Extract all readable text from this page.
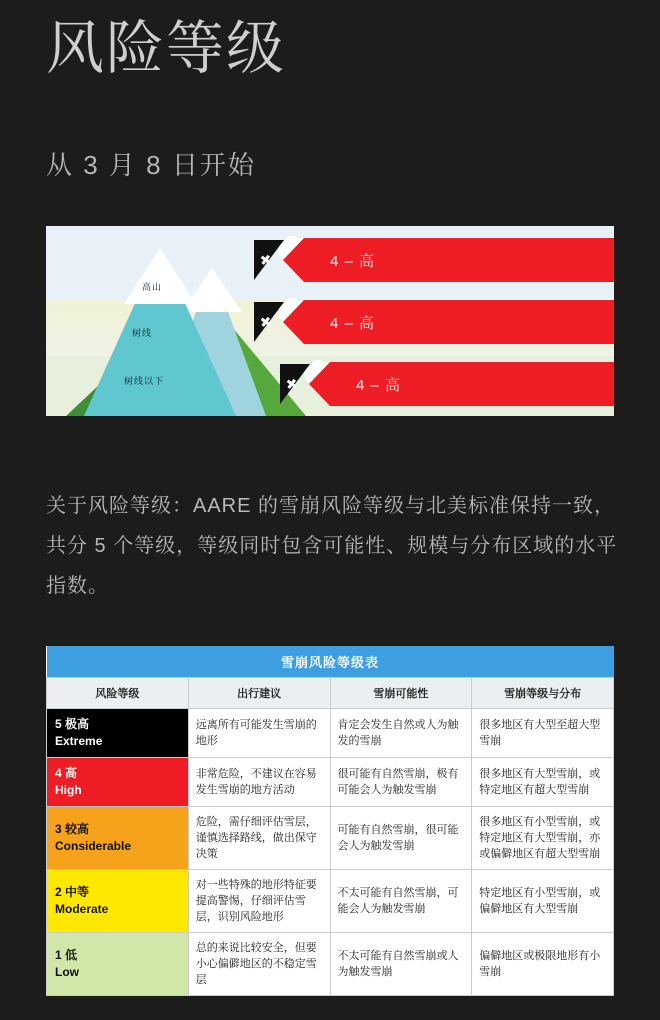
风险等级
从 3 月 8 日开始
高山
树线
树线以下
✖	4 – 高
✖	4 – 高
✖	4 – 高
关于风险等级：AARE 的雪崩风险等级与北美标准保持一致，共分 5 个等级，等级同时包含可能性、规模与分布区域的水平指数。
雪崩风险等级表			
风险等级	出行建议	雪崩可能性	雪崩等级与分布
5 极高
Extreme	远离所有可能发生雪崩的地形	肯定会发生自然或人为触发的雪崩	很多地区有大型至超大型雪崩
4 高
High	非常危险，不建议在容易发生雪崩的地方活动	很可能有自然雪崩，极有可能会人为触发雪崩	很多地区有大型雪崩，或特定地区有超大型雪崩
3 较高
Considerable	危险，需仔细评估雪层，谨慎选择路线，做出保守决策	可能有自然雪崩，很可能会人为触发雪崩	很多地区有小型雪崩，或特定地区有大型雪崩，亦或偏僻地区有超大型雪崩
2 中等
Moderate	对一些特殊的地形特征要提高警惕，仔细评估雪层，识别风险地形	不太可能有自然雪崩，可能会人为触发雪崩	特定地区有小型雪崩，或偏僻地区有大型雪崩
1 低
Low	总的来说比较安全，但要小心偏僻地区的不稳定雪层	不太可能有自然雪崩或人为触发雪崩	偏僻地区或极限地形有小雪崩
